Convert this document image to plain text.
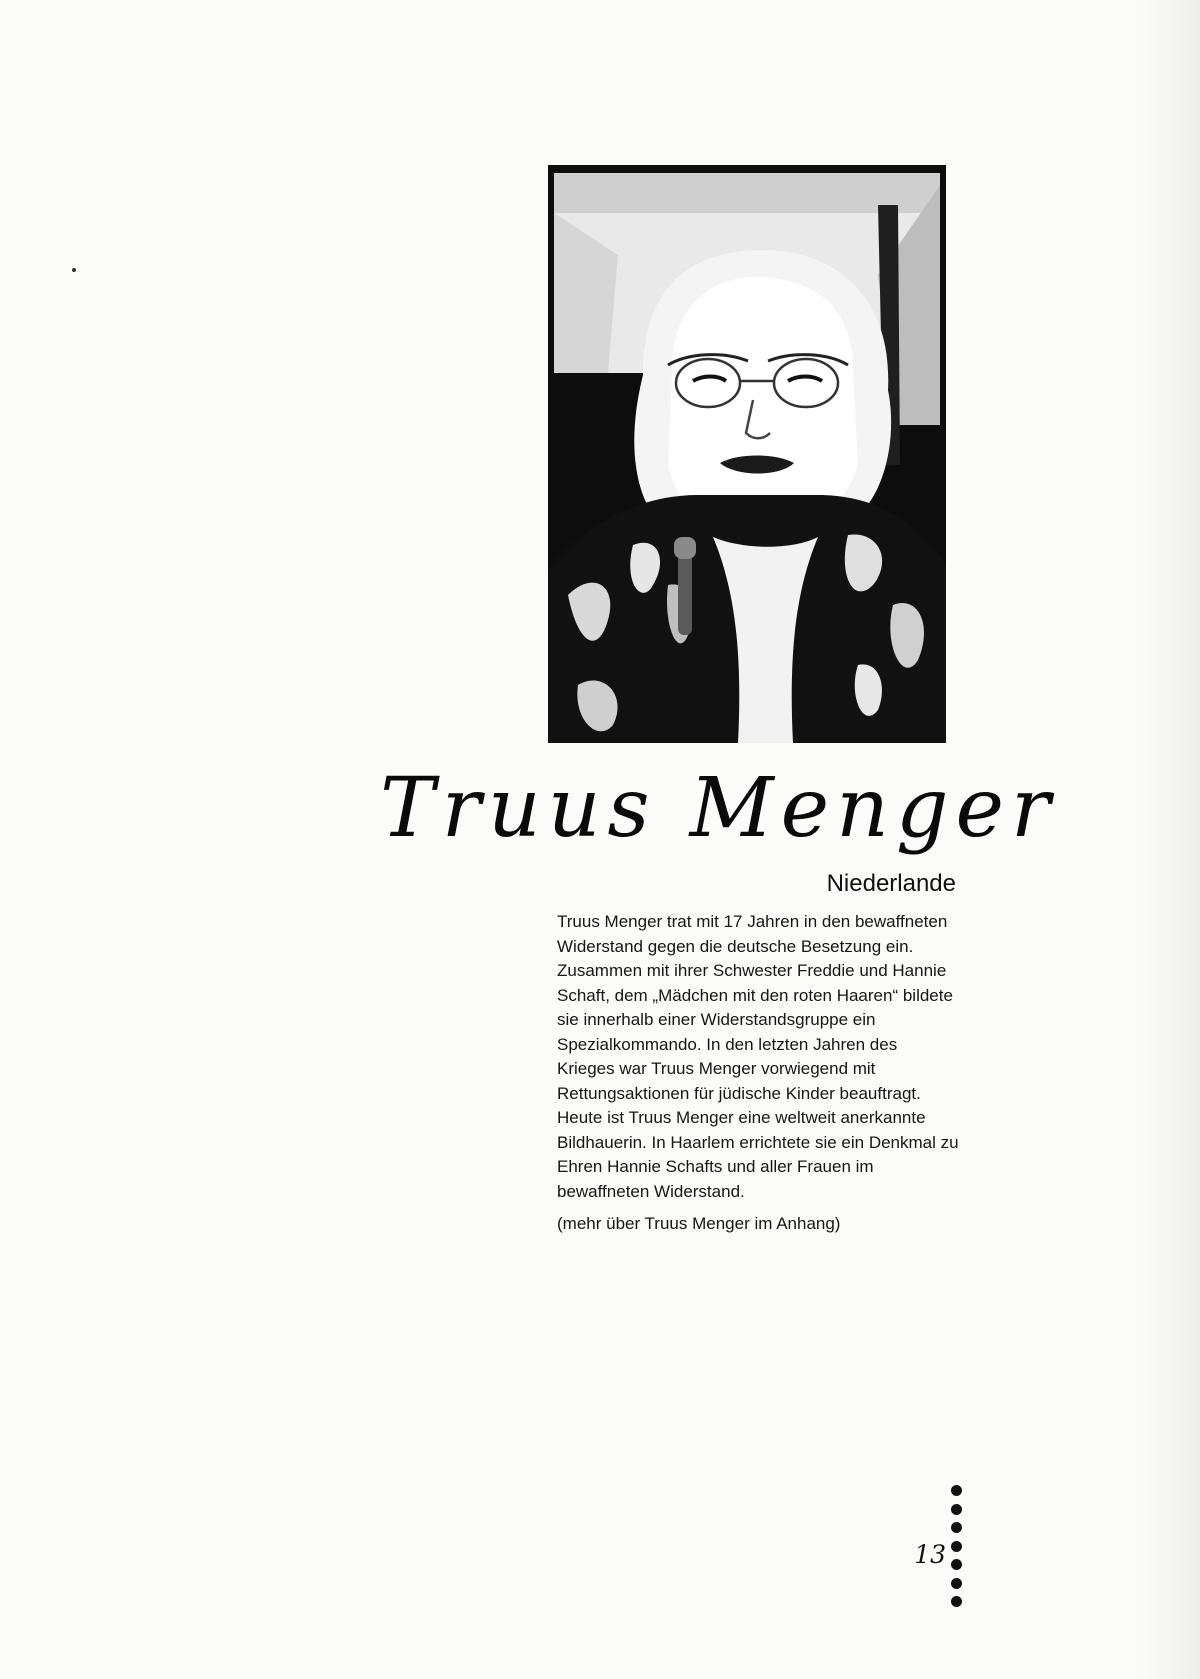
Truus Menger
Niederlande

Truus Menger trat mit 17 Jahren in den bewaffneten Widerstand gegen die deutsche Besetzung ein. Zusammen mit ihrer Schwester Freddie und Hannie Schaft, dem „Mädchen mit den roten Haaren“ bildete sie innerhalb einer Widerstandsgruppe ein Spezialkommando. In den letzten Jahren des Krieges war Truus Menger vorwiegend mit Rettungsaktionen für jüdische Kinder beauftragt.

Heute ist Truus Menger eine weltweit anerkannte Bildhauerin. In Haarlem errichtete sie ein Denkmal zu Ehren Hannie Schafts und aller Frauen im bewaffneten Widerstand.

(mehr über Truus Menger im Anhang)

13
